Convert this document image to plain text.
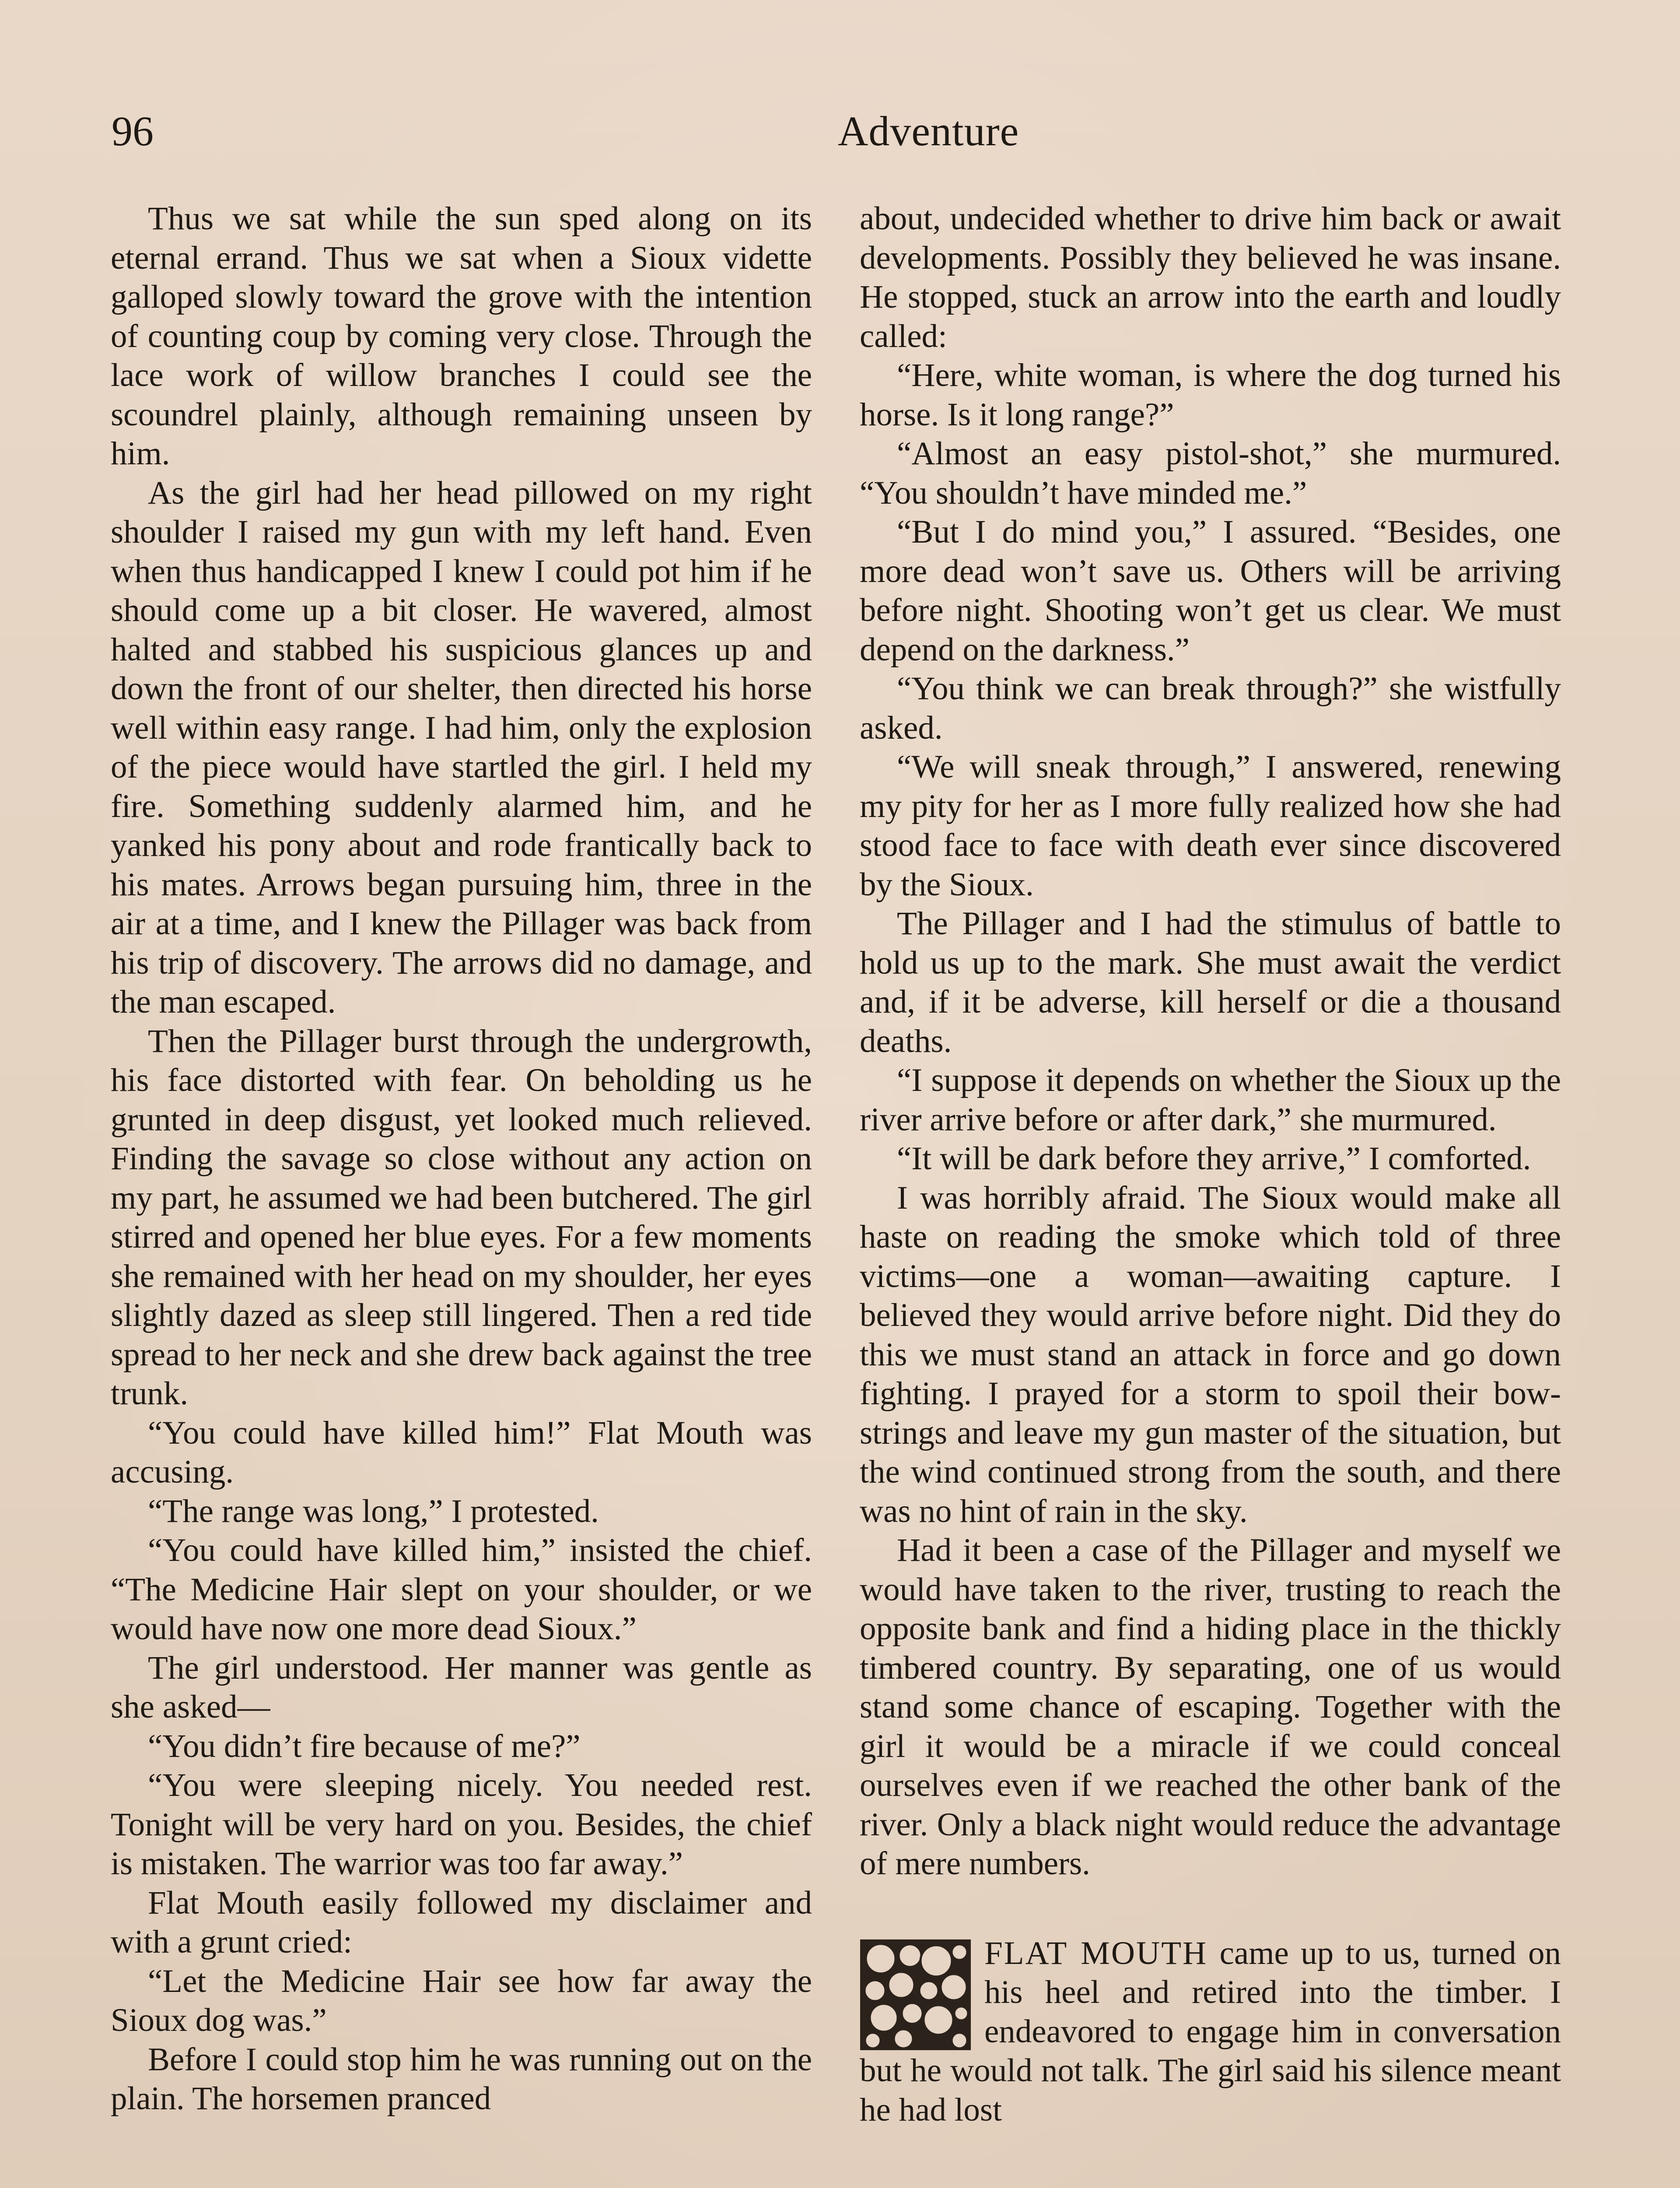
96	Adventure

Thus we sat while the sun sped along on its eternal errand. Thus we sat when a Sioux vidette galloped slowly toward the grove with the intention of counting coup by coming very close. Through the lace work of willow branches I could see the scoundrel plainly, although remaining unseen by him.

As the girl had her head pillowed on my right shoulder I raised my gun with my left hand. Even when thus handicapped I knew I could pot him if he should come up a bit closer. He wavered, almost halted and stabbed his suspicious glances up and down the front of our shelter, then directed his horse well within easy range. I had him, only the explosion of the piece would have startled the girl. I held my fire. Something suddenly alarmed him, and he yanked his pony about and rode frantically back to his mates. Arrows began pursuing him, three in the air at a time, and I knew the Pillager was back from his trip of discovery. The arrows did no damage, and the man escaped.

Then the Pillager burst through the undergrowth, his face distorted with fear. On beholding us he grunted in deep disgust, yet looked much relieved. Finding the savage so close without any action on my part, he assumed we had been butchered. The girl stirred and opened her blue eyes. For a few moments she remained with her head on my shoulder, her eyes slightly dazed as sleep still lingered. Then a red tide spread to her neck and she drew back against the tree trunk.

“You could have killed him!” Flat Mouth was accusing.

“The range was long,” I protested.

“You could have killed him,” insisted the chief. “The Medicine Hair slept on your shoulder, or we would have now one more dead Sioux.”

The girl understood. Her manner was gentle as she asked—

“You didn’t fire because of me?”

“You were sleeping nicely. You needed rest. Tonight will be very hard on you. Besides, the chief is mistaken. The warrior was too far away.”

Flat Mouth easily followed my disclaimer and with a grunt cried:

“Let the Medicine Hair see how far away the Sioux dog was.”

Before I could stop him he was running out on the plain. The horsemen pranced

about, undecided whether to drive him back or await developments. Possibly they believed he was insane. He stopped, stuck an arrow into the earth and loudly called:

“Here, white woman, is where the dog turned his horse. Is it long range?”

“Almost an easy pistol-shot,” she murmured. “You shouldn’t have minded me.”

“But I do mind you,” I assured. “Besides, one more dead won’t save us. Others will be arriving before night. Shooting won’t get us clear. We must depend on the darkness.”

“You think we can break through?” she wistfully asked.

“We will sneak through,” I answered, renewing my pity for her as I more fully realized how she had stood face to face with death ever since discovered by the Sioux.

The Pillager and I had the stimulus of battle to hold us up to the mark. She must await the verdict and, if it be adverse, kill herself or die a thousand deaths.

“I suppose it depends on whether the Sioux up the river arrive before or after dark,” she murmured.

“It will be dark before they arrive,” I comforted.

I was horribly afraid. The Sioux would make all haste on reading the smoke which told of three victims—one a woman—awaiting capture. I believed they would arrive before night. Did they do this we must stand an attack in force and go down fighting. I prayed for a storm to spoil their bow-strings and leave my gun master of the situation, but the wind continued strong from the south, and there was no hint of rain in the sky.

Had it been a case of the Pillager and myself we would have taken to the river, trusting to reach the opposite bank and find a hiding place in the thickly timbered country. By separating, one of us would stand some chance of escaping. Together with the girl it would be a miracle if we could conceal ourselves even if we reached the other bank of the river. Only a black night would reduce the advantage of mere numbers.

FLAT MOUTH came up to us, turned on his heel and retired into the timber. I endeavored to engage him in conversation but he would not talk. The girl said his silence meant he had lost
